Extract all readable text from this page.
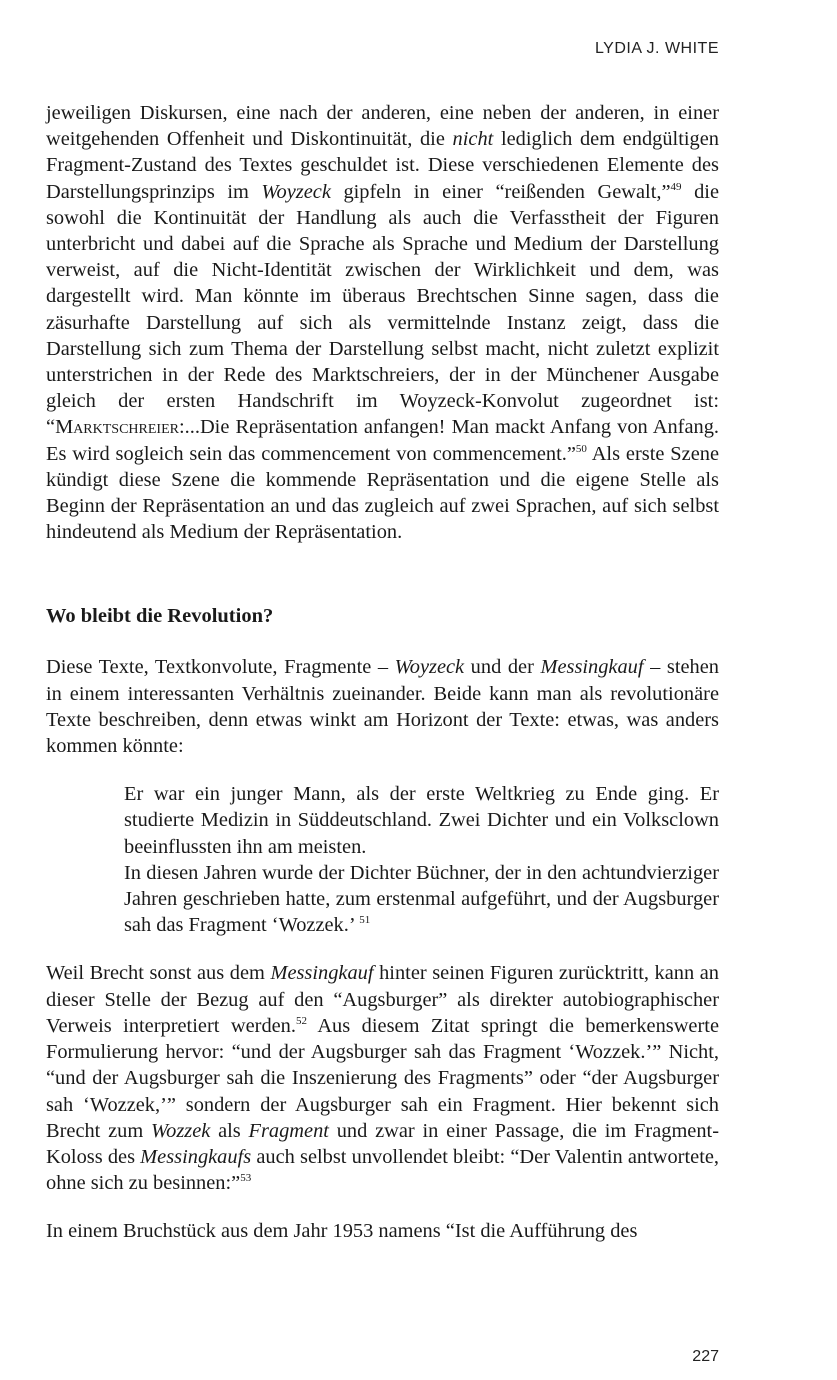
LYDIA J. WHITE

jeweiligen Diskursen, eine nach der anderen, eine neben der anderen, in einer weitgehenden Offenheit und Diskontinuität, die nicht lediglich dem endgültigen Fragment-Zustand des Textes geschuldet ist. Diese verschiedenen Elemente des Darstellungsprinzips im Woyzeck gipfeln in einer “reißenden Gewalt,”$^{49}$ die sowohl die Kontinuität der Handlung als auch die Verfasstheit der Figuren unterbricht und dabei auf die Sprache als Sprache und Medium der Darstellung verweist, auf die Nicht-Identität zwischen der Wirklichkeit und dem, was dargestellt wird. Man könnte im überaus Brechtschen Sinne sagen, dass die zäsurhafte Darstellung auf sich als vermittelnde Instanz zeigt, dass die Darstellung sich zum Thema der Darstellung selbst macht, nicht zuletzt explizit unterstrichen in der Rede des Marktschreiers, der in der Münchener Ausgabe gleich der ersten Handschrift im Woyzeck-Konvolut zugeordnet ist: “Marktschreier:...Die Repräsentation anfangen! Man mackt Anfang von Anfang. Es wird sogleich sein das commencement von commencement.”$^{50}$ Als erste Szene kündigt diese Szene die kommende Repräsentation und die eigene Stelle als Beginn der Repräsentation an und das zugleich auf zwei Sprachen, auf sich selbst hindeutend als Medium der Repräsentation.

Wo bleibt die Revolution?

Diese Texte, Textkonvolute, Fragmente – Woyzeck und der Messingkauf – stehen in einem interessanten Verhältnis zueinander. Beide kann man als revolutionäre Texte beschreiben, denn etwas winkt am Horizont der Texte: etwas, was anders kommen könnte:

Er war ein junger Mann, als der erste Weltkrieg zu Ende ging. Er studierte Medizin in Süddeutschland. Zwei Dichter und ein Volksclown beeinflussten ihn am meisten.

In diesen Jahren wurde der Dichter Büchner, der in den achtundvierziger Jahren geschrieben hatte, zum erstenmal aufgeführt, und der Augsburger sah das Fragment ‘Wozzek.’ $^{51}$

Weil Brecht sonst aus dem Messingkauf hinter seinen Figuren zurücktritt, kann an dieser Stelle der Bezug auf den “Augsburger” als direkter autobiographischer Verweis interpretiert werden.$^{52}$ Aus diesem Zitat springt die bemerkenswerte Formulierung hervor: “und der Augsburger sah das Fragment ‘Wozzek.’” Nicht, “und der Augsburger sah die Inszenierung des Fragments” oder “der Augsburger sah ‘Wozzek,’” sondern der Augsburger sah ein Fragment. Hier bekennt sich Brecht zum Wozzek als Fragment und zwar in einer Passage, die im Fragment-Koloss des Messingkaufs auch selbst unvollendet bleibt: “Der Valentin antwortete, ohne sich zu besinnen:”$^{53}$

In einem Bruchstück aus dem Jahr 1953 namens “Ist die Aufführung des

227
